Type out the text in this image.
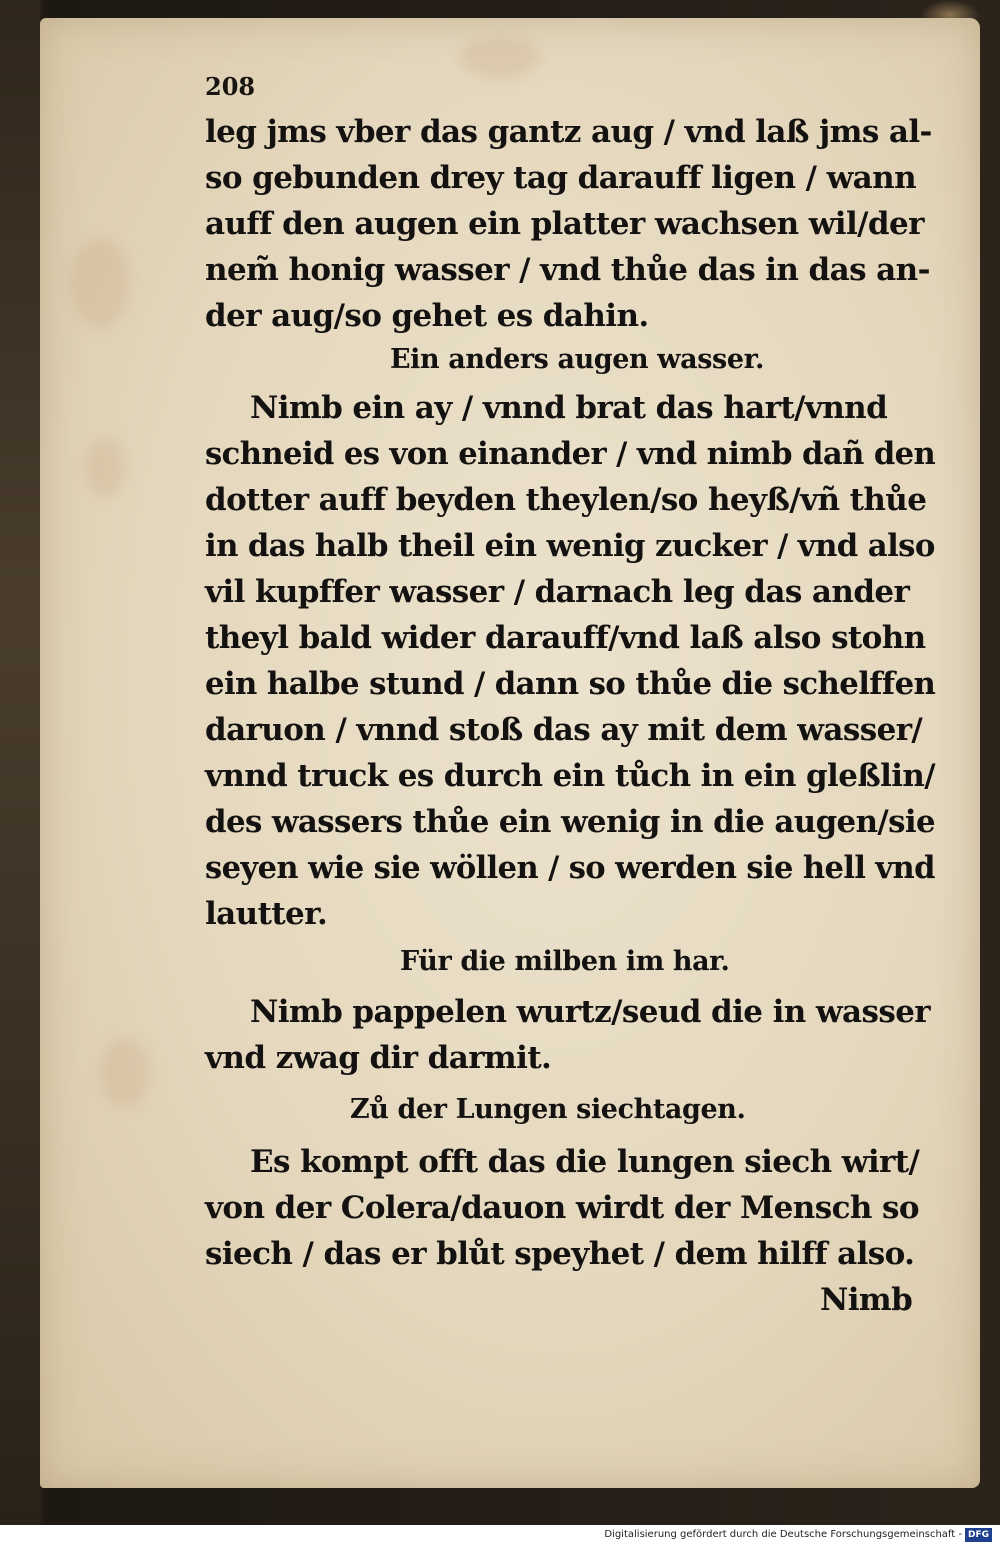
208
leg jms vber das gantz aug / vnd laß jms al-
so gebunden drey tag darauff ligen / wann
auff den augen ein platter wachsen wil/der
nem̃ honig wasser / vnd thůe das in das an-
der aug/so gehet es dahin.
Ein anders augen wasser.
Nimb ein ay / vnnd brat das hart/vnnd
schneid es von einander / vnd nimb dañ den
dotter auff beyden theylen/so heyß/vñ thůe
in das halb theil ein wenig zucker / vnd also
vil kupffer wasser / darnach leg das ander
theyl bald wider darauff/vnd laß also stohn
ein halbe stund / dann so thůe die schelffen
daruon / vnnd stoß das ay mit dem wasser/
vnnd truck es durch ein tůch in ein gleßlin/
des wassers thůe ein wenig in die augen/sie
seyen wie sie wöllen / so werden sie hell vnd
lautter.
Für die milben im har.
Nimb pappelen wurtz/seud die in wasser
vnd zwag dir darmit.
Zů der Lungen siechtagen.
Es kompt offt das die lungen siech wirt/
von der Colera/dauon wirdt der Mensch so
siech / das er blůt speyhet / dem hilff also.
Nimb
Digitalisierung gefördert durch die Deutsche Forschungsgemeinschaft - DFG
